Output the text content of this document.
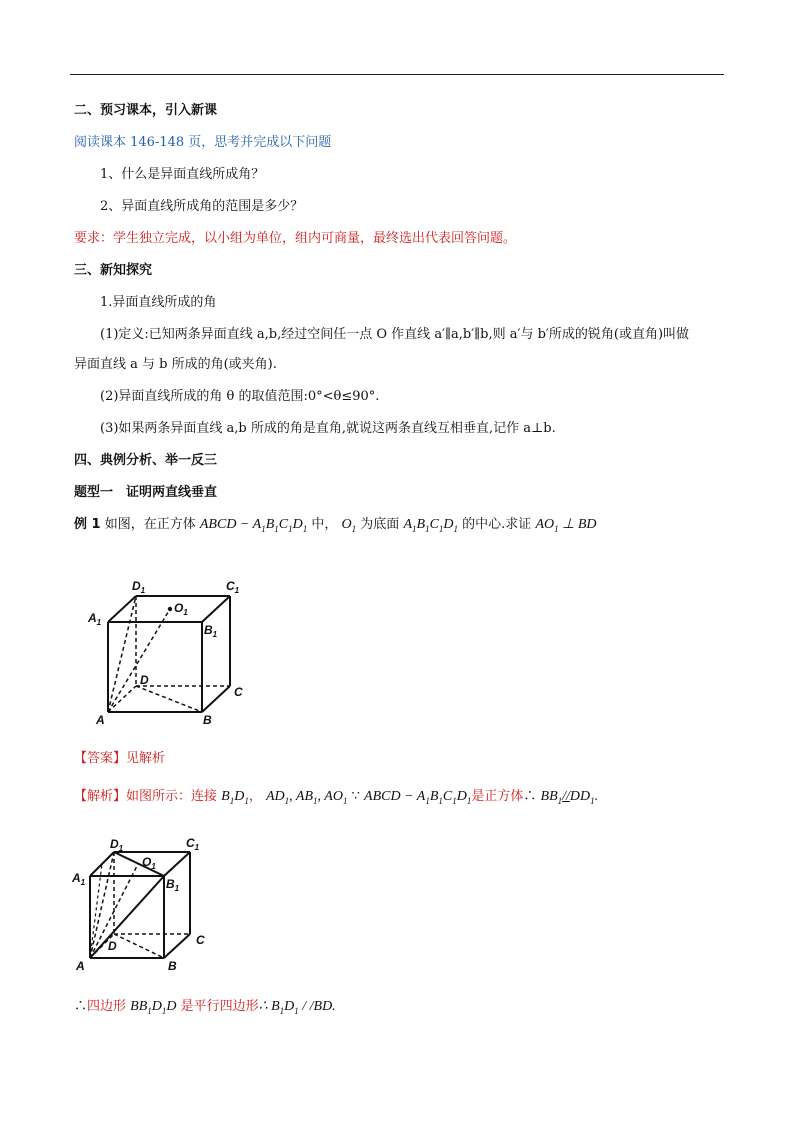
二、预习课本，引入新课
阅读课本 146-148 页，思考并完成以下问题
1、什么是异面直线所成角？
2、异面直线所成角的范围是多少？
要求：学生独立完成，以小组为单位，组内可商量，最终选出代表回答问题。
三、新知探究
1.异面直线所成的角
(1)定义:已知两条异面直线 a,b,经过空间任一点 O 作直线 a′∥a,b′∥b,则 a′与 b′所成的锐角(或直角)叫做
异面直线 a 与 b 所成的角(或夹角).
(2)异面直线所成的角 θ 的取值范围:0°<θ≤90°.
(3)如果两条异面直线 a,b 所成的角是直角,就说这两条直线互相垂直,记作 a⊥b.
四、典例分析、举一反三
题型一　证明两直线垂直
例 1 如图，在正方体 ABCD − $A_1B_1C_1D_1$ 中， $O_1$ 为底面 $A_1B_1C_1D_1$ 的中心.求证 $AO_1$ ⊥ BD
$A_1$
$B_1$
$C_1$
$D_1$
$O_1$
A	B
C
D
【答案】见解析
【解析】如图所示：连接 $B_1D_1$， $AD_1$, $AB_1$, $AO_1$ ∵ ABCD − $A_1B_1C_1D_1$是正方体∴ $BB_1//DD_1$.
$A_1$	$B_1$
$C_1$
$D_1$
$O_1$
A	B
C
D
∴四边形 $BB_1D_1D$ 是平行四边形∴ $B_1D_1 / /BD$.
